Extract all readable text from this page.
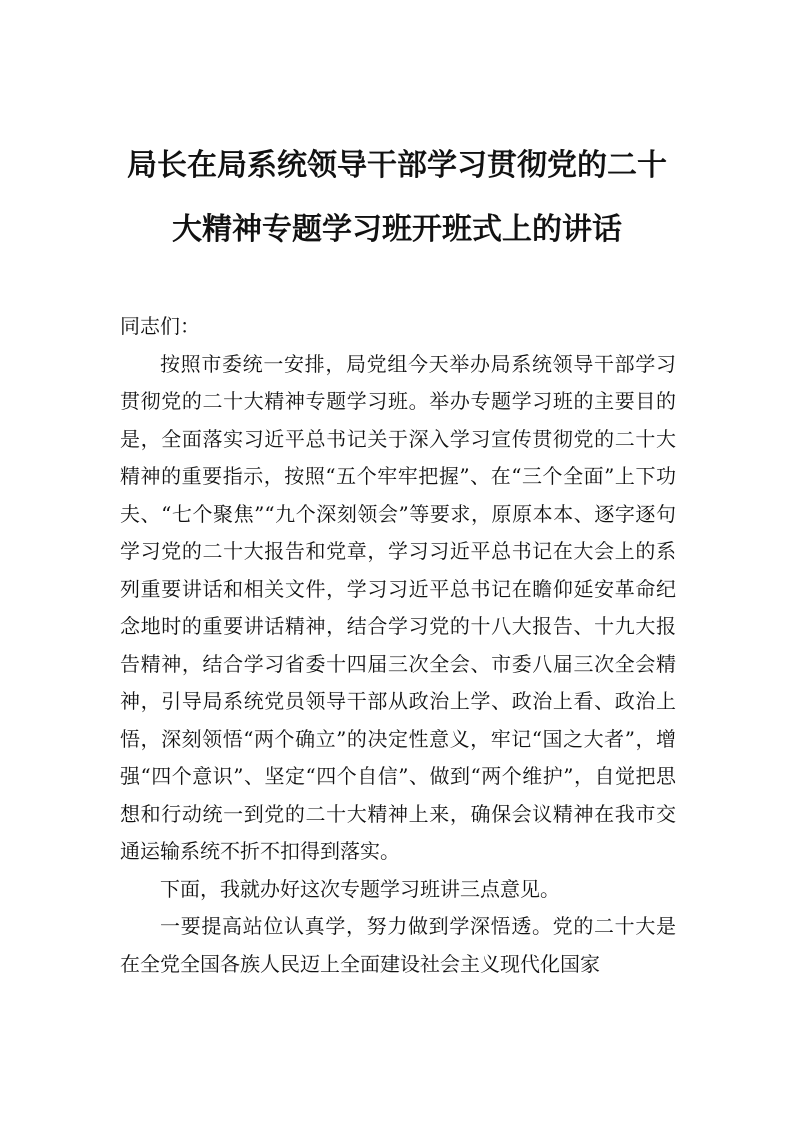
局长在局系统领导干部学习贯彻党的二十
大精神专题学习班开班式上的讲话

同志们：

按照市委统一安排，局党组今天举办局系统领导干部学习贯彻党的二十大精神专题学习班。举办专题学习班的主要目的是，全面落实习近平总书记关于深入学习宣传贯彻党的二十大精神的重要指示，按照“五个牢牢把握”、在“三个全面”上下功夫、“七个聚焦”“九个深刻领会”等要求，原原本本、逐字逐句学习党的二十大报告和党章，学习习近平总书记在大会上的系列重要讲话和相关文件，学习习近平总书记在瞻仰延安革命纪念地时的重要讲话精神，结合学习党的十八大报告、十九大报告精神，结合学习省委十四届三次全会、市委八届三次全会精神，引导局系统党员领导干部从政治上学、政治上看、政治上悟，深刻领悟“两个确立”的决定性意义，牢记“国之大者”，增强“四个意识”、坚定“四个自信”、做到“两个维护”，自觉把思想和行动统一到党的二十大精神上来，确保会议精神在我市交通运输系统不折不扣得到落实。

下面，我就办好这次专题学习班讲三点意见。

一要提高站位认真学，努力做到学深悟透。党的二十大是在全党全国各族人民迈上全面建设社会主义现代化国家
